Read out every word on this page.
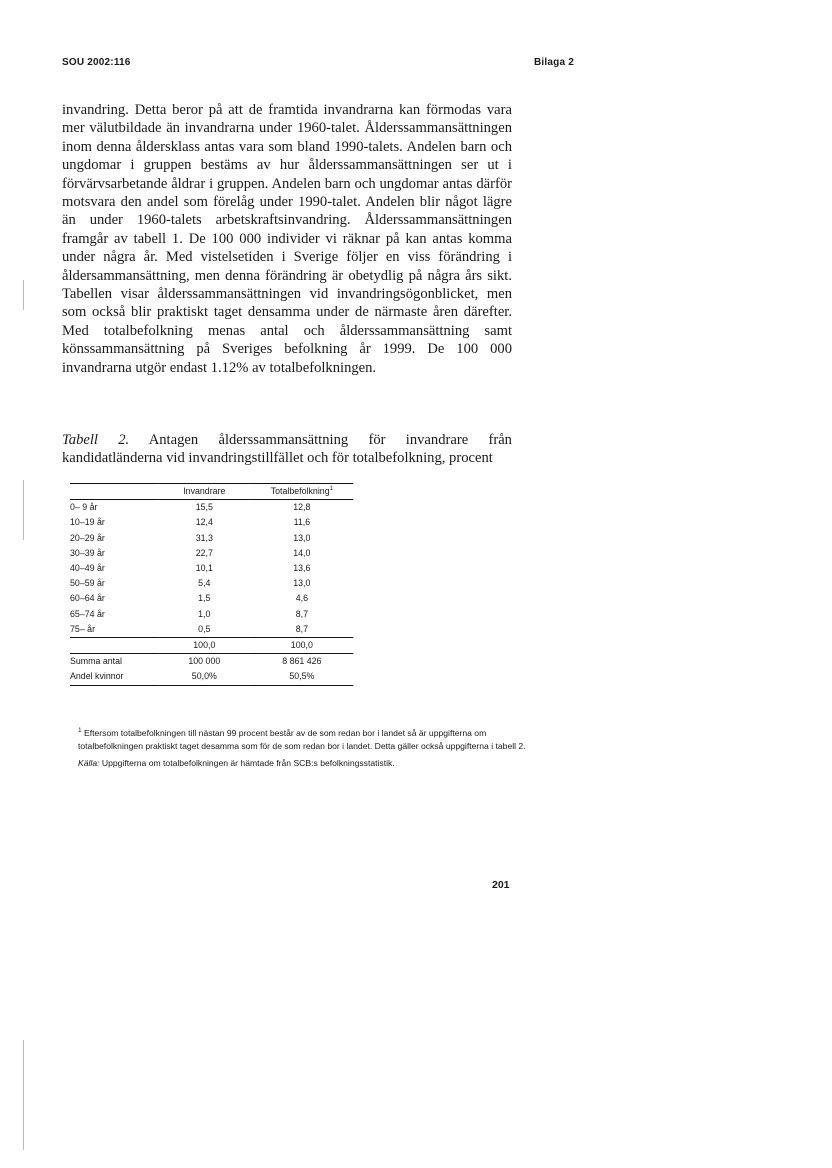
SOU 2002:116	Bilaga 2

invandring. Detta beror på att de framtida invandrarna kan förmodas vara mer välutbildade än invandrarna under 1960-talet. Ålderssammansättningen inom denna åldersklass antas vara som bland 1990-talets. Andelen barn och ungdomar i gruppen bestäms av hur ålderssammansättningen ser ut i förvärvsarbetande åldrar i gruppen. Andelen barn och ungdomar antas därför motsvara den andel som förelåg under 1990-talet. Andelen blir något lägre än under 1960-talets arbetskraftsinvandring. Ålderssammansättningen framgår av tabell 1. De 100 000 individer vi räknar på kan antas komma under några år. Med vistelsetiden i Sverige följer en viss förändring i åldersammansättning, men denna förändring är obetydlig på några års sikt. Tabellen visar ålderssammansättningen vid invandringsögonblicket, men som också blir praktiskt taget densamma under de närmaste åren därefter. Med totalbefolkning menas antal och ålderssammansättning samt könssammansättning på Sveriges befolkning år 1999. De 100 000 invandrarna utgör endast 1.12% av totalbefolkningen.

Tabell 2. Antagen ålderssammansättning för invandrare från kandidatländerna vid invandringstillfället och för totalbefolkning, procent

	Invandrare	Totalbefolkning$^1$
0– 9 år	15,5	12,8
10–19 år	12,4	11,6
20–29 år	31,3	13,0
30–39 år	22,7	14,0
40–49 år	10,1	13,6
50–59 år	5,4	13,0
60–64 år	1,5	4,6
65–74 år	1,0	8,7
75– år	0,5	8,7
	100,0	100,0
Summa antal	100 000	8 861 426
Andel kvinnor	50,0%	50,5%

$^1$ Eftersom totalbefolkningen till nästan 99 procent består av de som redan bor i landet så är uppgifterna om totalbefolkningen praktiskt taget desamma som för de som redan bor i landet. Detta gäller också uppgifterna i tabell 2.

Källa: Uppgifterna om totalbefolkningen är hämtade från SCB:s befolkningsstatistik.

201
